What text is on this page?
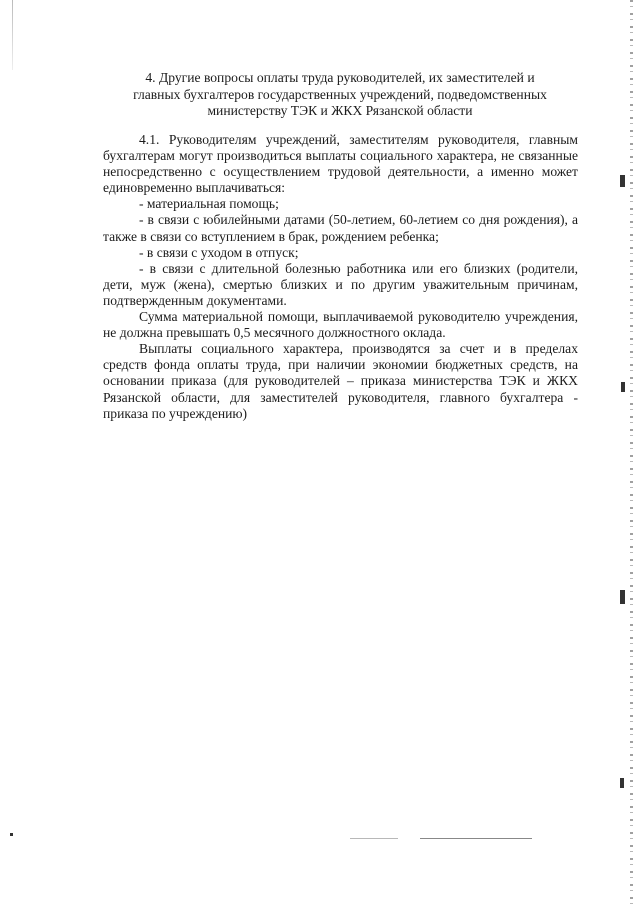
4. Другие вопросы оплаты труда руководителей, их заместителей и
главных бухгалтеров государственных учреждений, подведомственных
министерству ТЭК и ЖКХ Рязанской области

4.1. Руководителям учреждений, заместителям руководителя, главным бухгалтерам могут производиться выплаты социального характера, не связанные непосредственно с осуществлением трудовой деятельности, а именно может единовременно выплачиваться:

- материальная помощь;

- в связи с юбилейными датами (50-летием, 60-летием со дня рождения), а также в связи со вступлением в брак, рождением ребенка;

- в связи с уходом в отпуск;

- в связи с длительной болезнью работника или его близких (родители, дети, муж (жена), смертью близких и по другим уважительным причинам, подтвержденным документами.

Сумма материальной помощи, выплачиваемой руководителю учреждения, не должна превышать 0,5 месячного должностного оклада.

Выплаты социального характера, производятся за счет и в пределах средств фонда оплаты труда, при наличии экономии бюджетных средств, на основании приказа (для руководителей – приказа министерства ТЭК и ЖКХ Рязанской области, для заместителей руководителя, главного бухгалтера - приказа по учреждению)
